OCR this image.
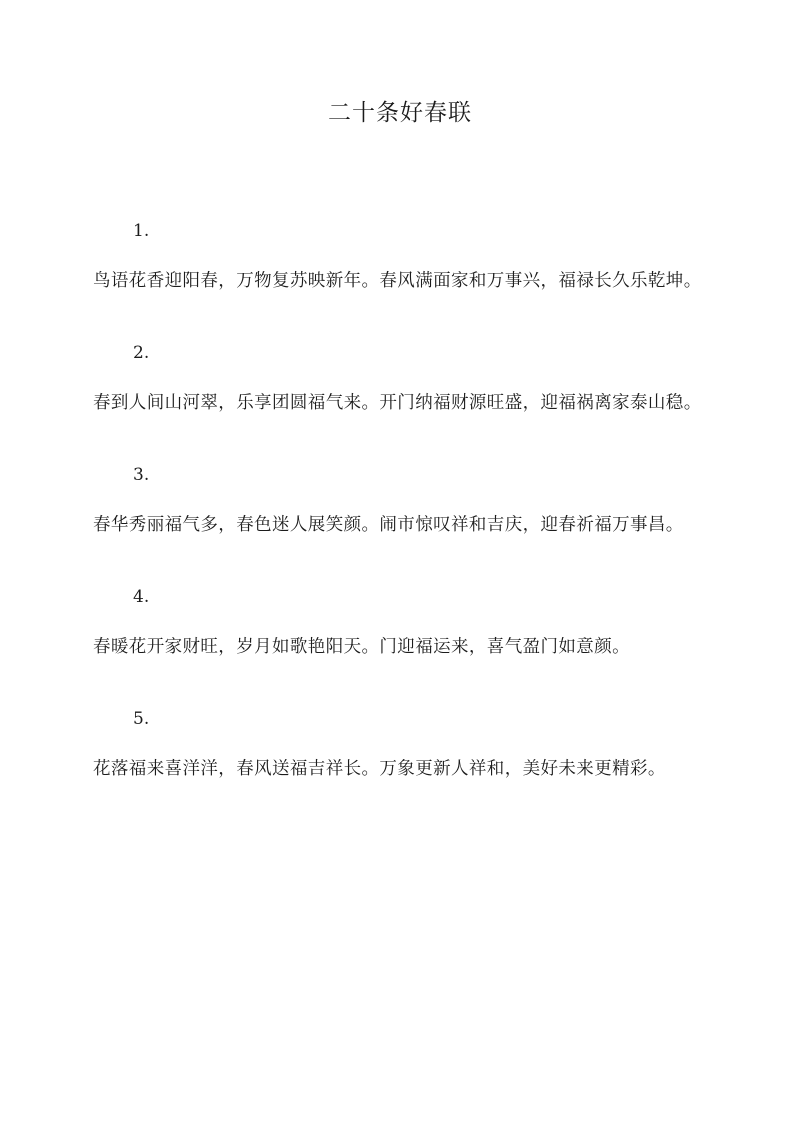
二十条好春联
1.
鸟语花香迎阳春，万物复苏映新年。春风满面家和万事兴，福禄长久乐乾坤。
2.
春到人间山河翠，乐享团圆福气来。开门纳福财源旺盛，迎福祸离家泰山稳。
3.
春华秀丽福气多，春色迷人展笑颜。闹市惊叹祥和吉庆，迎春祈福万事昌。
4.
春暖花开家财旺，岁月如歌艳阳天。门迎福运来，喜气盈门如意颜。
5.
花落福来喜洋洋，春风送福吉祥长。万象更新人祥和，美好未来更精彩。
